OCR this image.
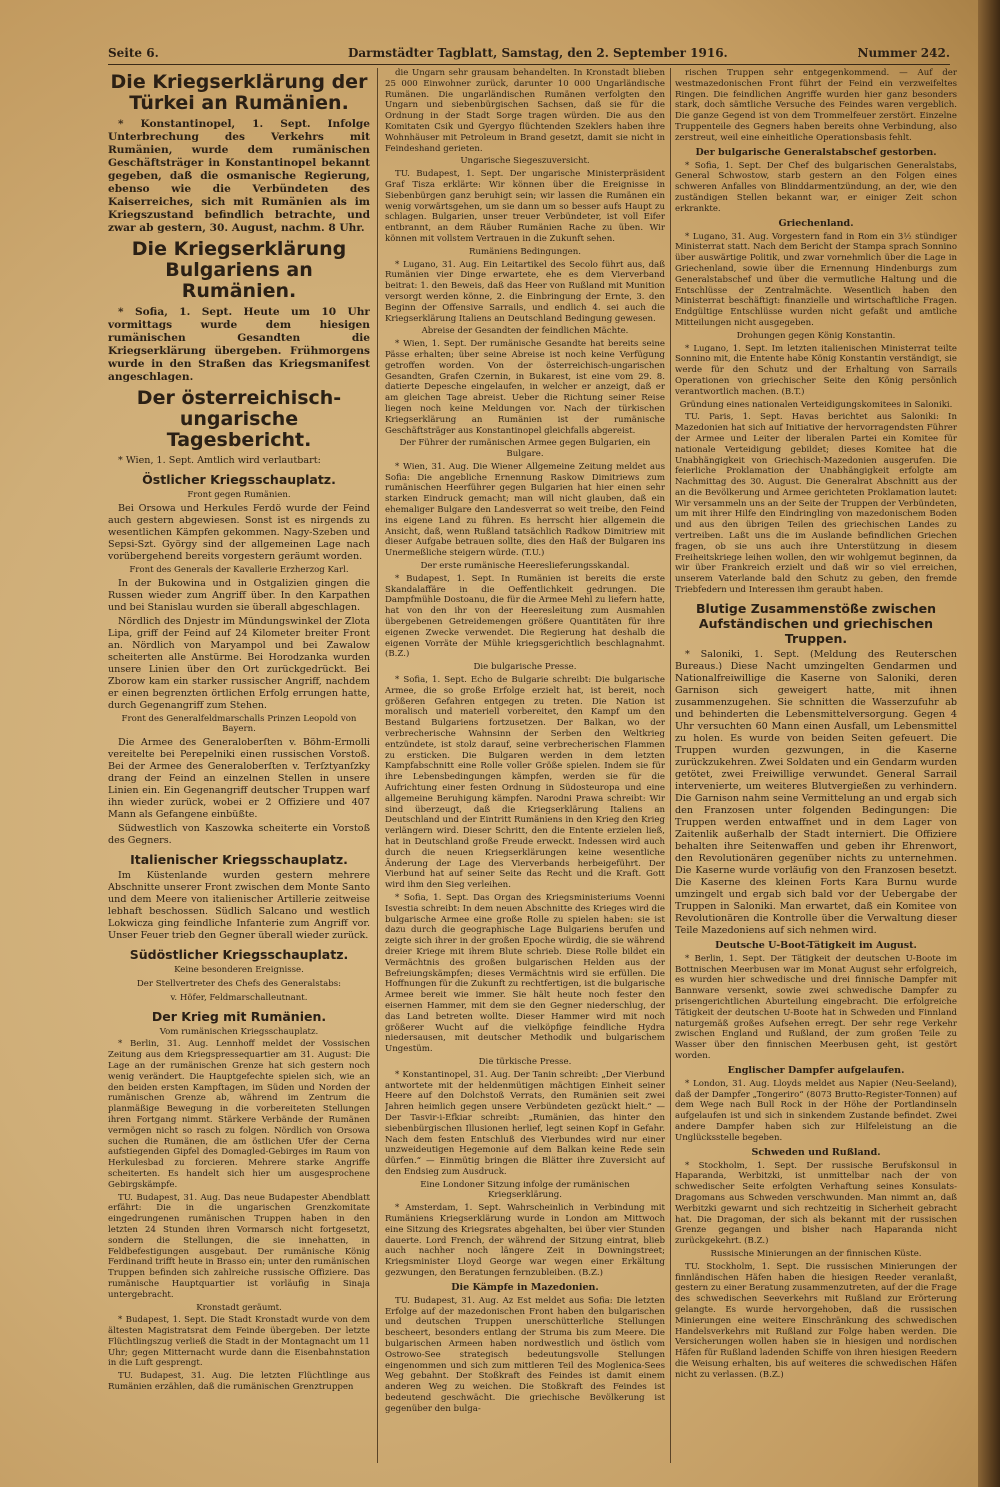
Seite 6.	Darmstädter Tagblatt, Samstag, den 2. September 1916.	Nummer 242.
Die Kriegserklärung der Türkei an Rumänien.

* Konstantinopel, 1. Sept. Infolge Unterbrechung des Verkehrs mit Rumänien, wurde dem rumänischen Geschäftsträger in Konstantinopel bekannt gegeben, daß die osmanische Regierung, ebenso wie die Verbündeten des Kaiserreiches, sich mit Rumänien als im Kriegszustand befindlich betrachte, und zwar ab gestern, 30. August, nachm. 8 Uhr.

Die Kriegserklärung Bulgariens an Rumänien.

* Sofia, 1. Sept. Heute um 10 Uhr vormittags wurde dem hiesigen rumänischen Gesandten die Kriegserklärung übergeben. Frühmorgens wurde in den Straßen das Kriegsmanifest angeschlagen.

Der österreichisch-ungarische Tagesbericht.

* Wien, 1. Sept. Amtlich wird verlautbart:

Östlicher Kriegsschauplatz.
Front gegen Rumänien.

Bei Orsowa und Herkules Ferdö wurde der Feind auch gestern abgewiesen. Sonst ist es nirgends zu wesentlichen Kämpfen gekommen. Nagy-Szeben und Sepsi-Szt. György sind der allgemeinen Lage nach vorübergehend bereits vorgestern geräumt worden.

Front des Generals der Kavallerie Erzherzog Karl.

In der Bukowina und in Ostgalizien gingen die Russen wieder zum Angriff über. In den Karpathen und bei Stanislau wurden sie überall abgeschlagen.

Nördlich des Dnjestr im Mündungswinkel der Zlota Lipa, griff der Feind auf 24 Kilometer breiter Front an. Nördlich von Maryampol und bei Zawalow scheiterten alle Anstürme. Bei Horodzanka wurden unsere Linien über den Ort zurückgedrückt. Bei Zborow kam ein starker russischer Angriff, nachdem er einen begrenzten örtlichen Erfolg errungen hatte, durch Gegenangriff zum Stehen.

Front des Generalfeldmarschalls Prinzen Leopold von Bayern.

Die Armee des Generaloberſten v. Böhm-Ermolli vereitelte bei Perepelniki einen russischen Vorstoß. Bei der Armee des Generaloberſten v. Terſztyanſzky drang der Feind an einzelnen Stellen in unsere Linien ein. Ein Gegenangriff deutscher Truppen warf ihn wieder zurück, wobei er 2 Offiziere und 407 Mann als Gefangene einbüßte.

Südwestlich von Kaszowka scheiterte ein Vorstoß des Gegners.

Italienischer Kriegsschauplatz.

Im Küstenlande wurden gestern mehrere Abschnitte unserer Front zwischen dem Monte Santo und dem Meere von italienischer Artillerie zeitweise lebhaft beschossen. Südlich Salcano und westlich Lokwicza ging feindliche Infanterie zum Angriff vor. Unser Feuer trieb den Gegner überall wieder zurück.

Südöstlicher Kriegsschauplatz.
Keine besonderen Ereignisse.
Der Stellvertreter des Chefs des Generalstabs:
v. Höfer, Feldmarschalleutnant.
Der Krieg mit Rumänien.
Vom rumänischen Kriegsschauplatz.

* Berlin, 31. Aug. Lennhoff meldet der Vossischen Zeitung aus dem Kriegspressequartier am 31. August: Die Lage an der rumänischen Grenze hat sich gestern noch wenig verändert. Die Hauptgefechte spielen sich, wie an den beiden ersten Kampftagen, im Süden und Norden der rumänischen Grenze ab, während im Zentrum die planmäßige Bewegung in die vorbereiteten Stellungen ihren Fortgang nimmt. Stärkere Verbände der Rumänen vermögen nicht so rasch zu folgen. Nördlich von Orsowa suchen die Rumänen, die am östlichen Ufer der Cerna aufstiegenden Gipfel des Domagled-Gebirges im Raum von Herkulesbad zu forcieren. Mehrere starke Angriffe scheiterten. Es handelt sich hier um ausgesprochene Gebirgskämpfe.

TU. Budapest, 31. Aug. Das neue Budapester Abendblatt erfährt: Die in die ungarischen Grenzkomitate eingedrungenen rumänischen Truppen haben in den letzten 24 Stunden ihren Vormarsch nicht fortgesetzt, sondern die Stellungen, die sie innehatten, in Feldbefestigungen ausgebaut. Der rumänische König Ferdinand trifft heute in Brasso ein; unter den rumänischen Truppen befinden sich zahlreiche russische Offiziere. Das rumänische Hauptquartier ist vorläufig in Sinaja untergebracht.

Kronstadt geräumt.

* Budapest, 1. Sept. Die Stadt Kronstadt wurde von dem ältesten Magistratsrat dem Feinde übergeben. Der letzte Flüchtlingszug verließ die Stadt in der Montagnacht um 11 Uhr; gegen Mitternacht wurde dann die Eisenbahnstation in die Luft gesprengt.

TU. Budapest, 31. Aug. Die letzten Flüchtlinge aus Rumänien erzählen, daß die rumänischen Grenztruppen

die Ungarn sehr grausam behandelten. In Kronstadt blieben 25 000 Einwohner zurück, darunter 10 000 Ungarländische Rumänen. Die ungarländischen Rumänen verfolgten den Ungarn und siebenbürgischen Sachsen, daß sie für die Ordnung in der Stadt Sorge tragen würden. Die aus den Komitaten Csik und Gyergyo flüchtenden Szeklers haben ihre Wohnhäuser mit Petroleum in Brand gesetzt, damit sie nicht in Feindeshand gerieten.

Ungarische Siegeszuversicht.

TU. Budapest, 1. Sept. Der ungarische Ministerpräsident Graf Tisza erklärte: Wir können über die Ereignisse in Siebenbürgen ganz beruhigt sein; wir lassen die Rumänen ein wenig vorwärtsgehen, um sie dann um so besser aufs Haupt zu schlagen. Bulgarien, unser treuer Verbündeter, ist voll Eifer entbrannt, an dem Räuber Rumänien Rache zu üben. Wir können mit vollstem Vertrauen in die Zukunft sehen.

Rumäniens Bedingungen.

* Lugano, 31. Aug. Ein Leitartikel des Secolo führt aus, daß Rumänien vier Dinge erwartete, ehe es dem Vierverband beitrat: 1. den Beweis, daß das Heer von Rußland mit Munition versorgt werden könne, 2. die Einbringung der Ernte, 3. den Beginn der Offensive Sarrails, und endlich 4. sei auch die Kriegserklärung Italiens an Deutschland Bedingung gewesen.

Abreise der Gesandten der feindlichen Mächte.

* Wien, 1. Sept. Der rumänische Gesandte hat bereits seine Pässe erhalten; über seine Abreise ist noch keine Verfügung getroffen worden. Von der österreichisch-ungarischen Gesandten, Grafen Czernin, in Bukarest, ist eine vom 29. 8. datierte Depesche eingelaufen, in welcher er anzeigt, daß er am gleichen Tage abreist. Ueber die Richtung seiner Reise liegen noch keine Meldungen vor. Nach der türkischen Kriegserklärung an Rumänien ist der rumänische Geschäftsträger aus Konstantinopel gleichfalls abgereist.

Der Führer der rumänischen Armee gegen Bulgarien, ein Bulgare.

* Wien, 31. Aug. Die Wiener Allgemeine Zeitung meldet aus Sofia: Die angebliche Ernennung Raskow Dimitriews zum rumänischen Heerführer gegen Bulgarien hat hier einen sehr starken Eindruck gemacht; man will nicht glauben, daß ein ehemaliger Bulgare den Landesverrat so weit treibe, den Feind ins eigene Land zu führen. Es herrscht hier allgemein die Ansicht, daß, wenn Rußland tatsächlich Radkow Dimitriew mit dieser Aufgabe betrauen sollte, dies den Haß der Bulgaren ins Unermeßliche steigern würde. (T.U.)

Der erste rumänische Heereslieferungsskandal.

* Budapest, 1. Sept. In Rumänien ist bereits die erste Skandalaffäre in die Oeffentlichkeit gedrungen. Die Dampfmühle Dostoanu, die für die Armee Mehl zu liefern hatte, hat von den ihr von der Heeresleitung zum Ausmahlen übergebenen Getreidemengen größere Quantitäten für ihre eigenen Zwecke verwendet. Die Regierung hat deshalb die eigenen Vorräte der Mühle kriegsgerichtlich beschlagnahmt. (B.Z.)

Die bulgarische Presse.

* Sofia, 1. Sept. Echo de Bulgarie schreibt: Die bulgarische Armee, die so große Erfolge erzielt hat, ist bereit, noch größeren Gefahren entgegen zu treten. Die Nation ist moralisch und materiell vorbereitet, den Kampf um den Bestand Bulgariens fortzusetzen. Der Balkan, wo der verbrecherische Wahnsinn der Serben den Weltkrieg entzündete, ist stolz darauf, seine verbrecherischen Flammen zu ersticken. Die Bulgaren werden in dem letzten Kampfabschnitt eine Rolle voller Größe spielen. Indem sie für ihre Lebensbedingungen kämpfen, werden sie für die Aufrichtung einer festen Ordnung in Südosteuropa und eine allgemeine Beruhigung kämpfen. Narodni Prawa schreibt: Wir sind überzeugt, daß die Kriegserklärung Italiens an Deutschland und der Eintritt Rumäniens in den Krieg den Krieg verlängern wird. Dieser Schritt, den die Entente erzielen ließ, hat in Deutschland große Freude erweckt. Indessen wird auch durch die neuen Kriegserklärungen keine wesentliche Änderung der Lage des Vierverbands herbeigeführt. Der Vierbund hat auf seiner Seite das Recht und die Kraft. Gott wird ihm den Sieg verleihen.

* Sofia, 1. Sept. Das Organ des Kriegsministeriums Voenni Isvestia schreibt: In dem neuen Abschnitte des Krieges wird die bulgarische Armee eine große Rolle zu spielen haben: sie ist dazu durch die geographische Lage Bulgariens berufen und zeigte sich ihrer in der großen Epoche würdig, die sie während dreier Kriege mit ihrem Blute schrieb. Diese Rolle bildet ein Vermächtnis des großen bulgarischen Helden aus der Befreiungskämpfen; dieses Vermächtnis wird sie erfüllen. Die Hoffnungen für die Zukunft zu rechtfertigen, ist die bulgarische Armee bereit wie immer. Sie hält heute noch fester den eisernen Hammer, mit dem sie den Gegner niederschlug, der das Land betreten wollte. Dieser Hammer wird mit noch größerer Wucht auf die vielköpfige feindliche Hydra niedersausen, mit deutscher Methodik und bulgarischem Ungestüm.

Die türkische Presse.

* Konstantinopel, 31. Aug. Der Tanin schreibt: „Der Vierbund antwortete mit der heldenmütigen mächtigen Einheit seiner Heere auf den Dolchstoß Verrats, den Rumänien seit zwei Jahren heimlich gegen unsere Verbündeten gezückt hielt.“ — Der Tasvir-i-Efkiar schreibt: „Rumänien, das hinter den siebenbürgischen Illusionen herlief, legt seinen Kopf in Gefahr. Nach dem festen Entschluß des Vierbundes wird nur einer unzweideutigen Hegemonie auf dem Balkan keine Rede sein dürfen.“ — Einmütig bringen die Blätter ihre Zuversicht auf den Endsieg zum Ausdruck.

Eine Londoner Sitzung infolge der rumänischen Kriegserklärung.

* Amsterdam, 1. Sept. Wahrscheinlich in Verbindung mit Rumäniens Kriegserklärung wurde in London am Mittwoch eine Sitzung des Kriegsrates abgehalten, bei über vier Stunden dauerte. Lord French, der während der Sitzung eintrat, blieb auch nachher noch längere Zeit in Downingstreet; Kriegsminister Lloyd George war wegen einer Erkältung gezwungen, den Beratungen fernzubleiben. (B.Z.)

Die Kämpfe in Mazedonien.

TU. Budapest, 31. Aug. Az Est meldet aus Sofia: Die letzten Erfolge auf der mazedonischen Front haben den bulgarischen und deutschen Truppen unerschütterliche Stellungen bescheert, besonders entlang der Struma bis zum Meere. Die bulgarischen Armeen haben nordwestlich und östlich vom Ostrowo-See strategisch bedeutungsvolle Stellungen eingenommen und sich zum mittleren Teil des Moglenica-Sees Weg gebahnt. Der Stoßkraft des Feindes ist damit einem anderen Weg zu weichen. Die Stoßkraft des Feindes ist bedeutend geschwächt. Die griechische Bevölkerung ist gegenüber den bulga-

rischen Truppen sehr entgegenkommend. — Auf der westmazedonischen Front führt der Feind ein verzweifeltes Ringen. Die feindlichen Angriffe wurden hier ganz besonders stark, doch sämtliche Versuche des Feindes waren vergeblich. Die ganze Gegend ist von dem Trommelfeuer zerstört. Einzelne Truppenteile des Gegners haben bereits ohne Verbindung, also zerstreut, weil eine einheitliche Operationsbasis fehlt.

Der bulgarische Generalstabschef gestorben.

* Sofia, 1. Sept. Der Chef des bulgarischen Generalstabs, General Schwostow, starb gestern an den Folgen eines schweren Anfalles von Blinddarmentzündung, an der, wie den zuständigen Stellen bekannt war, er einiger Zeit schon erkrankte.

Griechenland.

* Lugano, 31. Aug. Vorgestern fand in Rom ein 3½ stündiger Ministerrat statt. Nach dem Bericht der Stampa sprach Sonnino über auswärtige Politik, und zwar vornehmlich über die Lage in Griechenland, sowie über die Ernennung Hindenburgs zum Generalstabschef und über die vermutliche Haltung und die Entschlüsse der Zentralmächte. Wesentlich haben den Ministerrat beschäftigt: finanzielle und wirtschaftliche Fragen. Endgültige Entschlüsse wurden nicht gefaßt und amtliche Mitteilungen nicht ausgegeben.

Drohungen gegen König Konstantin.

* Lugano, 1. Sept. Im letzten italienischen Ministerrat teilte Sonnino mit, die Entente habe König Konstantin verständigt, sie werde für den Schutz und der Erhaltung von Sarrails Operationen von griechischer Seite den König persönlich verantwortlich machen. (B.T.)

Gründung eines nationalen Verteidigungskomitees in Saloniki.

TU. Paris, 1. Sept. Havas berichtet aus Saloniki: In Mazedonien hat sich auf Initiative der hervorragendsten Führer der Armee und Leiter der liberalen Partei ein Komitee für nationale Verteidigung gebildet; dieses Komitee hat die Unabhängigkeit von Griechisch-Mazedonien ausgerufen. Die feierliche Proklamation der Unabhängigkeit erfolgte am Nachmittag des 30. August. Die Generalrat Abschnitt aus der an die Bevölkerung und Armee gerichteten Proklamation lautet: Wir versammeln uns an der Seite der Truppen der Verbündeten, um mit ihrer Hilfe den Eindringling von mazedonischem Boden und aus den übrigen Teilen des griechischen Landes zu vertreiben. Laßt uns die im Auslande befindlichen Griechen fragen, ob sie uns auch ihre Unterstützung in diesem Freiheitskriege leihen wollen, den wir wohlgemut beginnen, da wir über Frankreich erzielt und daß wir so viel erreichen, unserem Vaterlande bald den Schutz zu geben, den fremde Triebfedern und Interessen ihm geraubt haben.

Blutige Zusammenstöße zwischen Aufständischen und griechischen Truppen.

* Saloniki, 1. Sept. (Meldung des Reuterschen Bureaus.) Diese Nacht umzingelten Gendarmen und Nationalfreiwillige die Kaserne von Saloniki, deren Garnison sich geweigert hatte, mit ihnen zusammenzugehen. Sie schnitten die Wasserzufuhr ab und behinderten die Lebensmittelversorgung. Gegen 4 Uhr versuchten 60 Mann einen Ausfall, um Lebensmittel zu holen. Es wurde von beiden Seiten gefeuert. Die Truppen wurden gezwungen, in die Kaserne zurückzukehren. Zwei Soldaten und ein Gendarm wurden getötet, zwei Freiwillige verwundet. General Sarrail intervenierte, um weiteres Blutvergießen zu verhindern. Die Garnison nahm seine Vermittelung an und ergab sich den Franzosen unter folgenden Bedingungen: Die Truppen werden entwaffnet und in dem Lager von Zaitenlik außerhalb der Stadt interniert. Die Offiziere behalten ihre Seitenwaffen und geben ihr Ehrenwort, den Revolutionären gegenüber nichts zu unternehmen. Die Kaserne wurde vorläufig von den Franzosen besetzt. Die Kaserne des kleinen Forts Kara Burnu wurde umzingelt und ergab sich bald vor der Uebergabe der Truppen in Saloniki. Man erwartet, daß ein Komitee von Revolutionären die Kontrolle über die Verwaltung dieser Teile Mazedoniens auf sich nehmen wird.

Deutsche U-Boot-Tätigkeit im August.

* Berlin, 1. Sept. Der Tätigkeit der deutschen U-Boote im Bottnischen Meerbusen war im Monat August sehr erfolgreich, es wurden hier schwedische und drei finnische Dampfer mit Bannware versenkt, sowie zwei schwedische Dampfer zu prisengerichtlichen Aburteilung eingebracht. Die erfolgreiche Tätigkeit der deutschen U-Boote hat in Schweden und Finnland naturgemäß großes Aufsehen erregt. Der sehr rege Verkehr zwischen England und Rußland, der zum großen Teile zu Wasser über den finnischen Meerbusen geht, ist gestört worden.

Englischer Dampfer aufgelaufen.

* London, 31. Aug. Lloyds meldet aus Napier (Neu-Seeland), daß der Dampfer „Tongeriro“ (8073 Brutto-Register-Tonnen) auf dem Wege nach Bull Rock in der Höhe der Portlandinseln aufgelaufen ist und sich in sinkendem Zustande befindet. Zwei andere Dampfer haben sich zur Hilfeleistung an die Unglücksstelle begeben.

Schweden und Rußland.

* Stockholm, 1. Sept. Der russische Berufskonsul in Haparanda, Werbitzki, ist unmittelbar nach der von schwedischer Seite erfolgten Verhaftung seines Konsulats-Dragomans aus Schweden verschwunden. Man nimmt an, daß Werbitzki gewarnt und sich rechtzeitig in Sicherheit gebracht hat. Die Dragoman, der sich als bekannt mit der russischen Grenze gegangen und bisher nach Haparanda nicht zurückgekehrt. (B.Z.)

Russische Minierungen an der finnischen Küste.

TU. Stockholm, 1. Sept. Die russischen Minierungen der finnländischen Häfen haben die hiesigen Reeder veranlaßt, gestern zu einer Beratung zusammenzutreten, auf der die Frage des schwedischen Seeverkehrs mit Rußland zur Erörterung gelangte. Es wurde hervorgehoben, daß die russischen Minierungen eine weitere Einschränkung des schwedischen Handelsverkehrs mit Rußland zur Folge haben werden. Die Versicherungen wollen haben sie in hiesigen und nordischen Häfen für Rußland ladenden Schiffe von ihren hiesigen Reedern die Weisung erhalten, bis auf weiteres die schwedischen Häfen nicht zu verlassen. (B.Z.)
